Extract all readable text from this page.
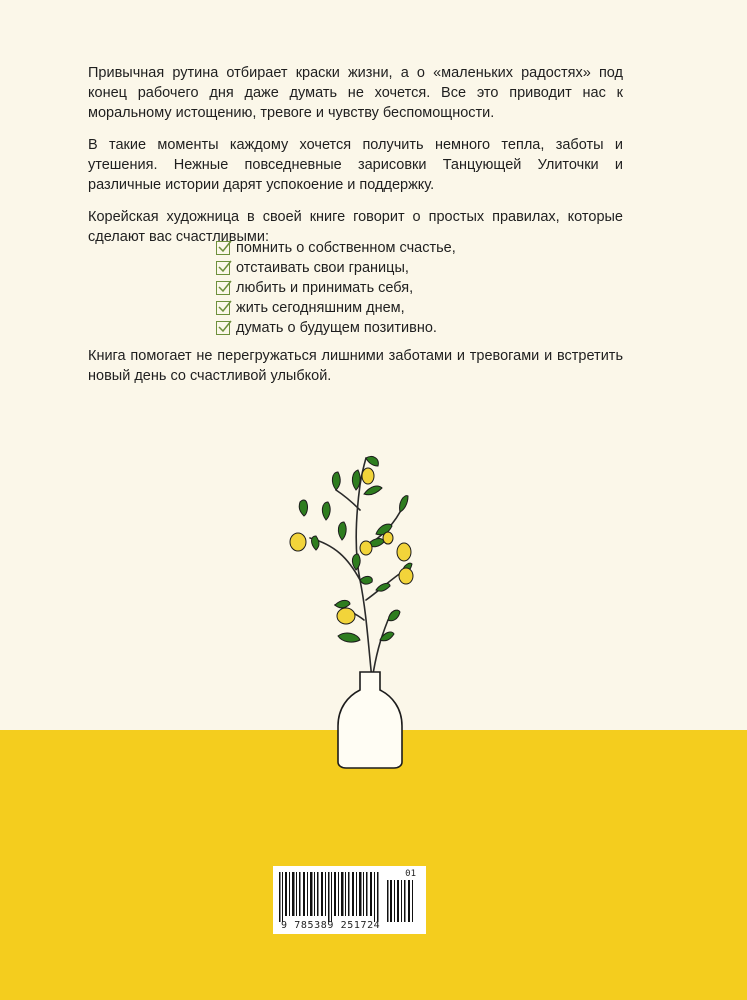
Привычная рутина отбирает краски жизни, а о «маленьких радостях» под конец рабочего дня даже думать не хочется. Все это приводит нас к моральному истощению, тревоге и чувству беспомощности.

В такие моменты каждому хочется получить немного тепла, заботы и утешения. Нежные повседневные зарисовки Танцующей Улиточки и различные истории дарят успокоение и поддержку.

Корейская художница в своей книге говорит о простых правилах, которые сделают вас счастливыми:

помнить о собственном счастье,
отстаивать свои границы,
любить и принимать себя,
жить сегодняшним днем,
думать о будущем позитивно.

Книга помогает не перегружаться лишними заботами и тревогами и встретить новый день со счастливой улыбкой.

01
9 785389 251724
